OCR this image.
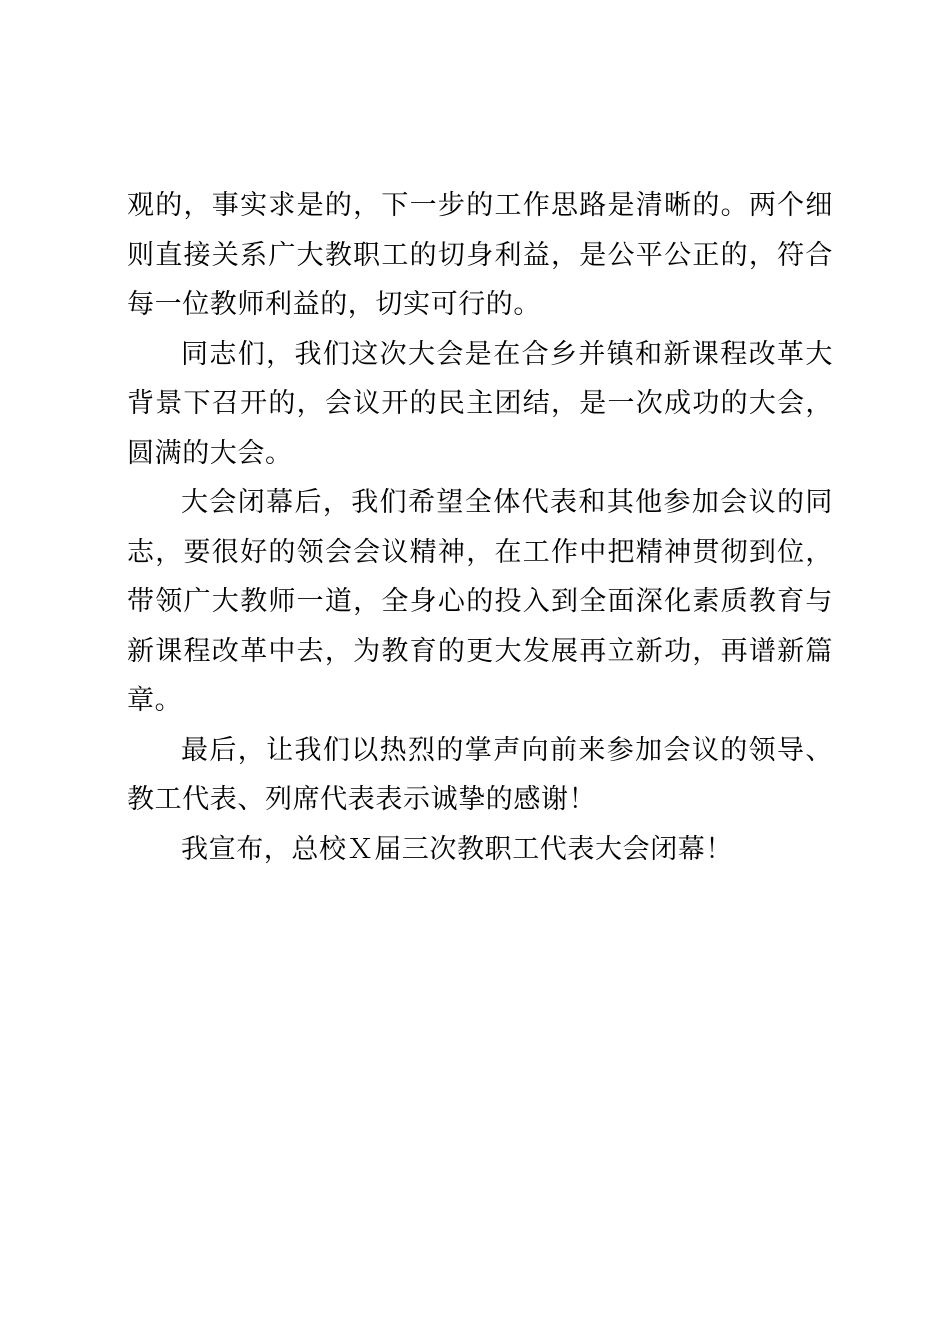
观的，事实求是的，下一步的工作思路是清晰的。两个细则直接关系广大教职工的切身利益，是公平公正的，符合每一位教师利益的，切实可行的。

同志们，我们这次大会是在合乡并镇和新课程改革大背景下召开的，会议开的民主团结，是一次成功的大会，圆满的大会。

大会闭幕后，我们希望全体代表和其他参加会议的同志，要很好的领会会议精神，在工作中把精神贯彻到位，带领广大教师一道，全身心的投入到全面深化素质教育与新课程改革中去，为教育的更大发展再立新功，再谱新篇章。

最后，让我们以热烈的掌声向前来参加会议的领导、教工代表、列席代表表示诚挚的感谢！

我宣布，总校Ｘ届三次教职工代表大会闭幕！
